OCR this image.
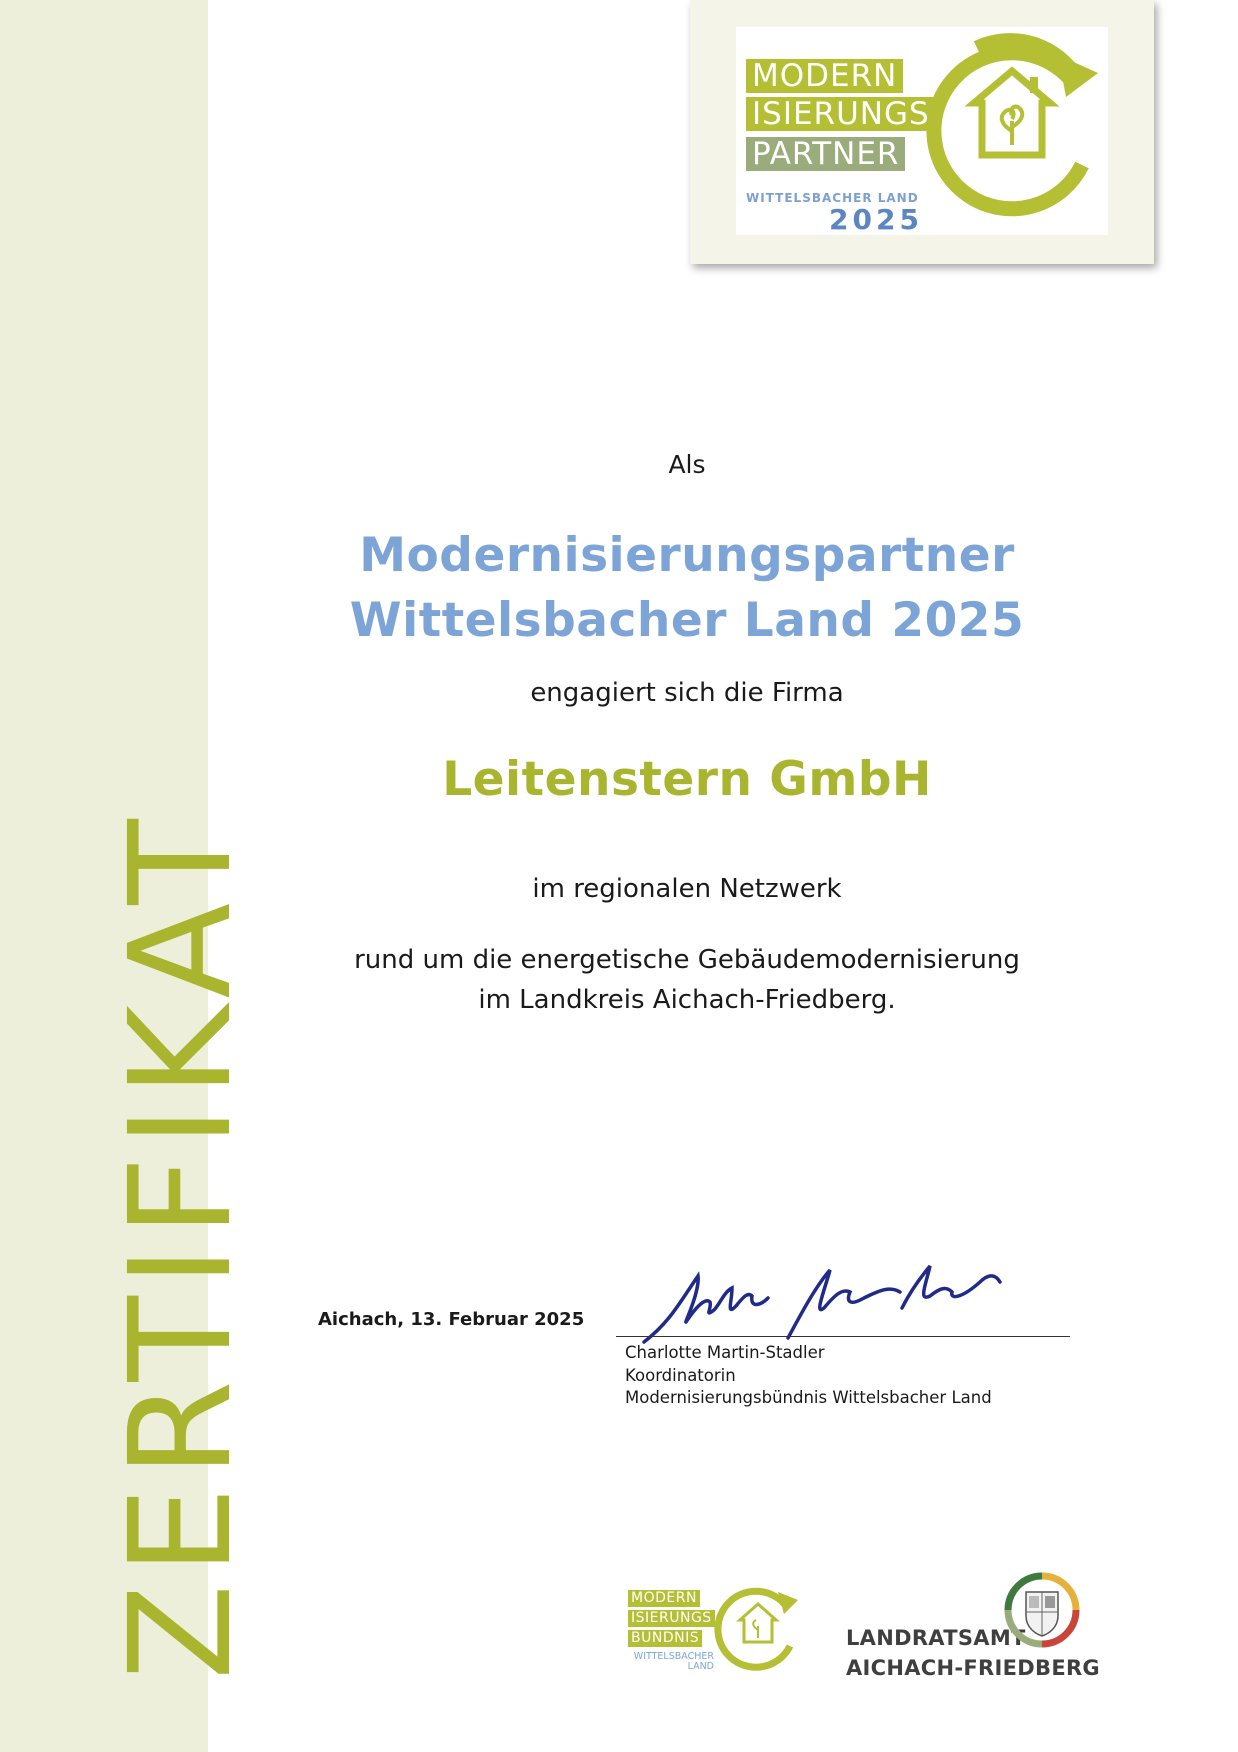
ZERTIFIKAT
MODERN
ISIERUNGS
PARTNER
WITTELSBACHER LAND
2025
Als
Modernisierungspartner
Wittelsbacher Land 2025
engagiert sich die Firma
Leitenstern GmbH
im regionalen Netzwerk
rund um die energetische Gebäudemodernisierung
im Landkreis Aichach-Friedberg.
Aichach, 13. Februar 2025
Charlotte Martin-Stadler
Koordinatorin
Modernisierungsbündnis Wittelsbacher Land
MODERN
ISIERUNGS
BÜNDNIS
WITTELSBACHER
LAND
LANDRATSAMT
AICHACH-FRIEDBERG
